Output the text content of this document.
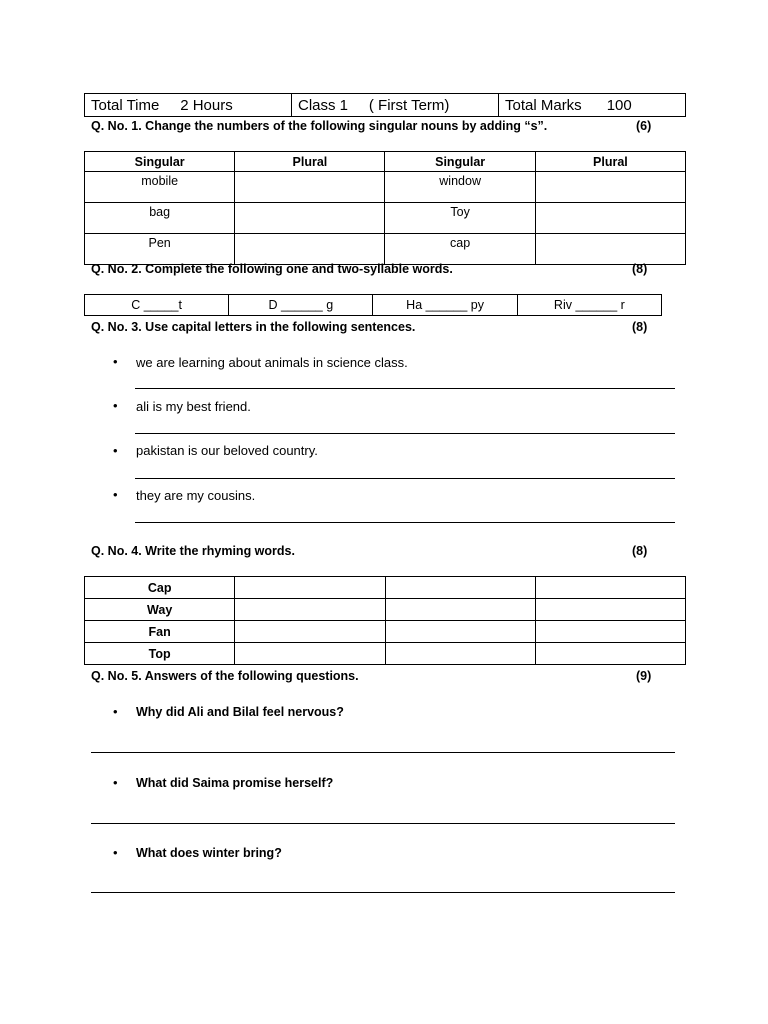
Total Time 2 Hours	Class 1 ( First Term)	Total Marks 100
Q. No. 1. Change the numbers of the following singular nouns by adding “s”.	(6)
Singular	Plural	Singular	Plural
mobile		window	
bag		Toy	
Pen		cap	
Q. No. 2. Complete the following one and two-syllable words.	(8)
C _____t	D ______ g	Ha ______ py	Riv ______ r
Q. No. 3. Use capital letters in the following sentences.	(8)
• we are learning about animals in science class.
• ali is my best friend.
• pakistan is our beloved country.
• they are my cousins.
Q. No. 4. Write the rhyming words.	(8)
Cap			
Way			
Fan			
Top			
Q. No. 5. Answers of the following questions.	(9)
• Why did Ali and Bilal feel nervous?
• What did Saima promise herself?
• What does winter bring?
